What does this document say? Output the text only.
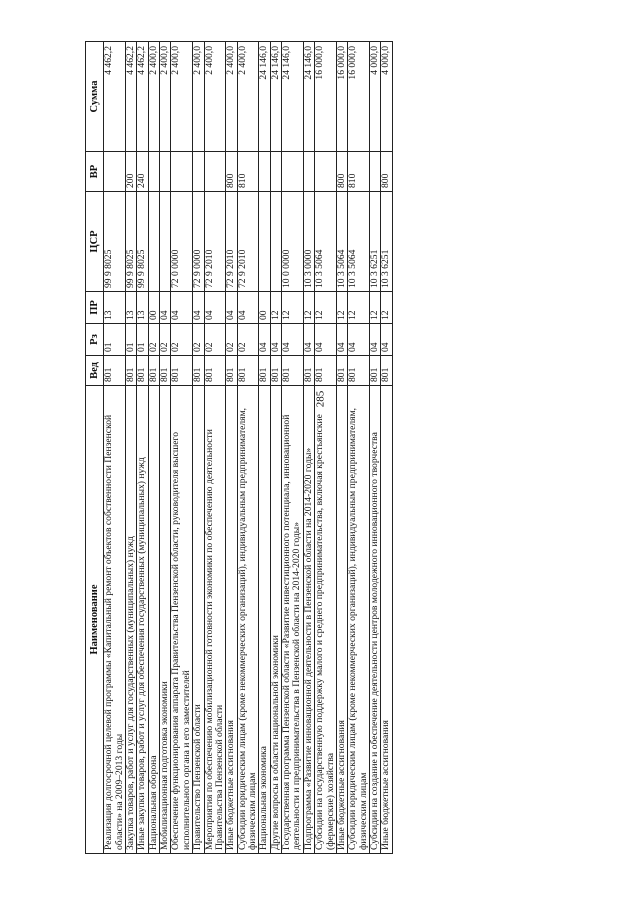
285
Наименование	Вед	Рз	ПР	ЦСР	ВР	Сумма
Реализация долгосрочной целевой программы «Капитальный ремонт объектов собственности Пензенской области» на 2009–2013 годы	801	01	13	99 9 8025		4 462,2
Закупка товаров, работ и услуг для государственных (муниципальных) нужд	801	01	13	99 9 8025	200	4 462,2
Иные закупки товаров, работ и услуг для обеспечения государственных (муниципальных) нужд	801	01	13	99 9 8025	240	4 462,2
Национальная оборона	801	02	00			2 400,0
Мобилизационная подготовка экономики	801	02	04			2 400,0
Обеспечение функционирования аппарата Правительства Пензенской области, руководителя высшего исполнительного органа и его заместителей	801	02	04	72 0 0000		2 400,0
Правительство Пензенской области	801	02	04	72 9 0000		2 400,0
Мероприятия по обеспечению мобилизационной готовности экономики по обеспечению деятельности Правительства Пензенской области	801	02	04	72 9 2010		2 400,0
Иные бюджетные ассигнования	801	02	04	72 9 2010	800	2 400,0
Субсидии юридическим лицам (кроме некоммерческих организаций), индивидуальным предпринимателям, физическим лицам	801	02	04	72 9 2010	810	2 400,0
Национальная экономика	801	04	00			24 146,0
Другие вопросы в области национальной экономики	801	04	12			24 146,0
Государственная программа Пензенской области «Развитие инвестиционного потенциала, инновационной деятельности и предпринимательства в Пензенской области на 2014-2020 годы»	801	04	12	10 0 0000		24 146,0
Подпрограмма «Развитие инновационной деятельности в Пензенской области на 2014-2020 годы»	801	04	12	10 3 0000		24 146,0
Субсидии на государственную поддержку малого и среднего предпринимательства, включая крестьянские (фермерские) хозяйства	801	04	12	10 3 5064		16 000,0
Иные бюджетные ассигнования	801	04	12	10 3 5064	800	16 000,0
Субсидии юридическим лицам (кроме некоммерческих организаций), индивидуальным предпринимателям, физическим лицам	801	04	12	10 3 5064	810	16 000,0
Субсидии на создание и обеспечение деятельности центров молодежного инновационного творчества	801	04	12	10 3 6251		4 000,0
Иные бюджетные ассигнования	801	04	12	10 3 6251	800	4 000,0
